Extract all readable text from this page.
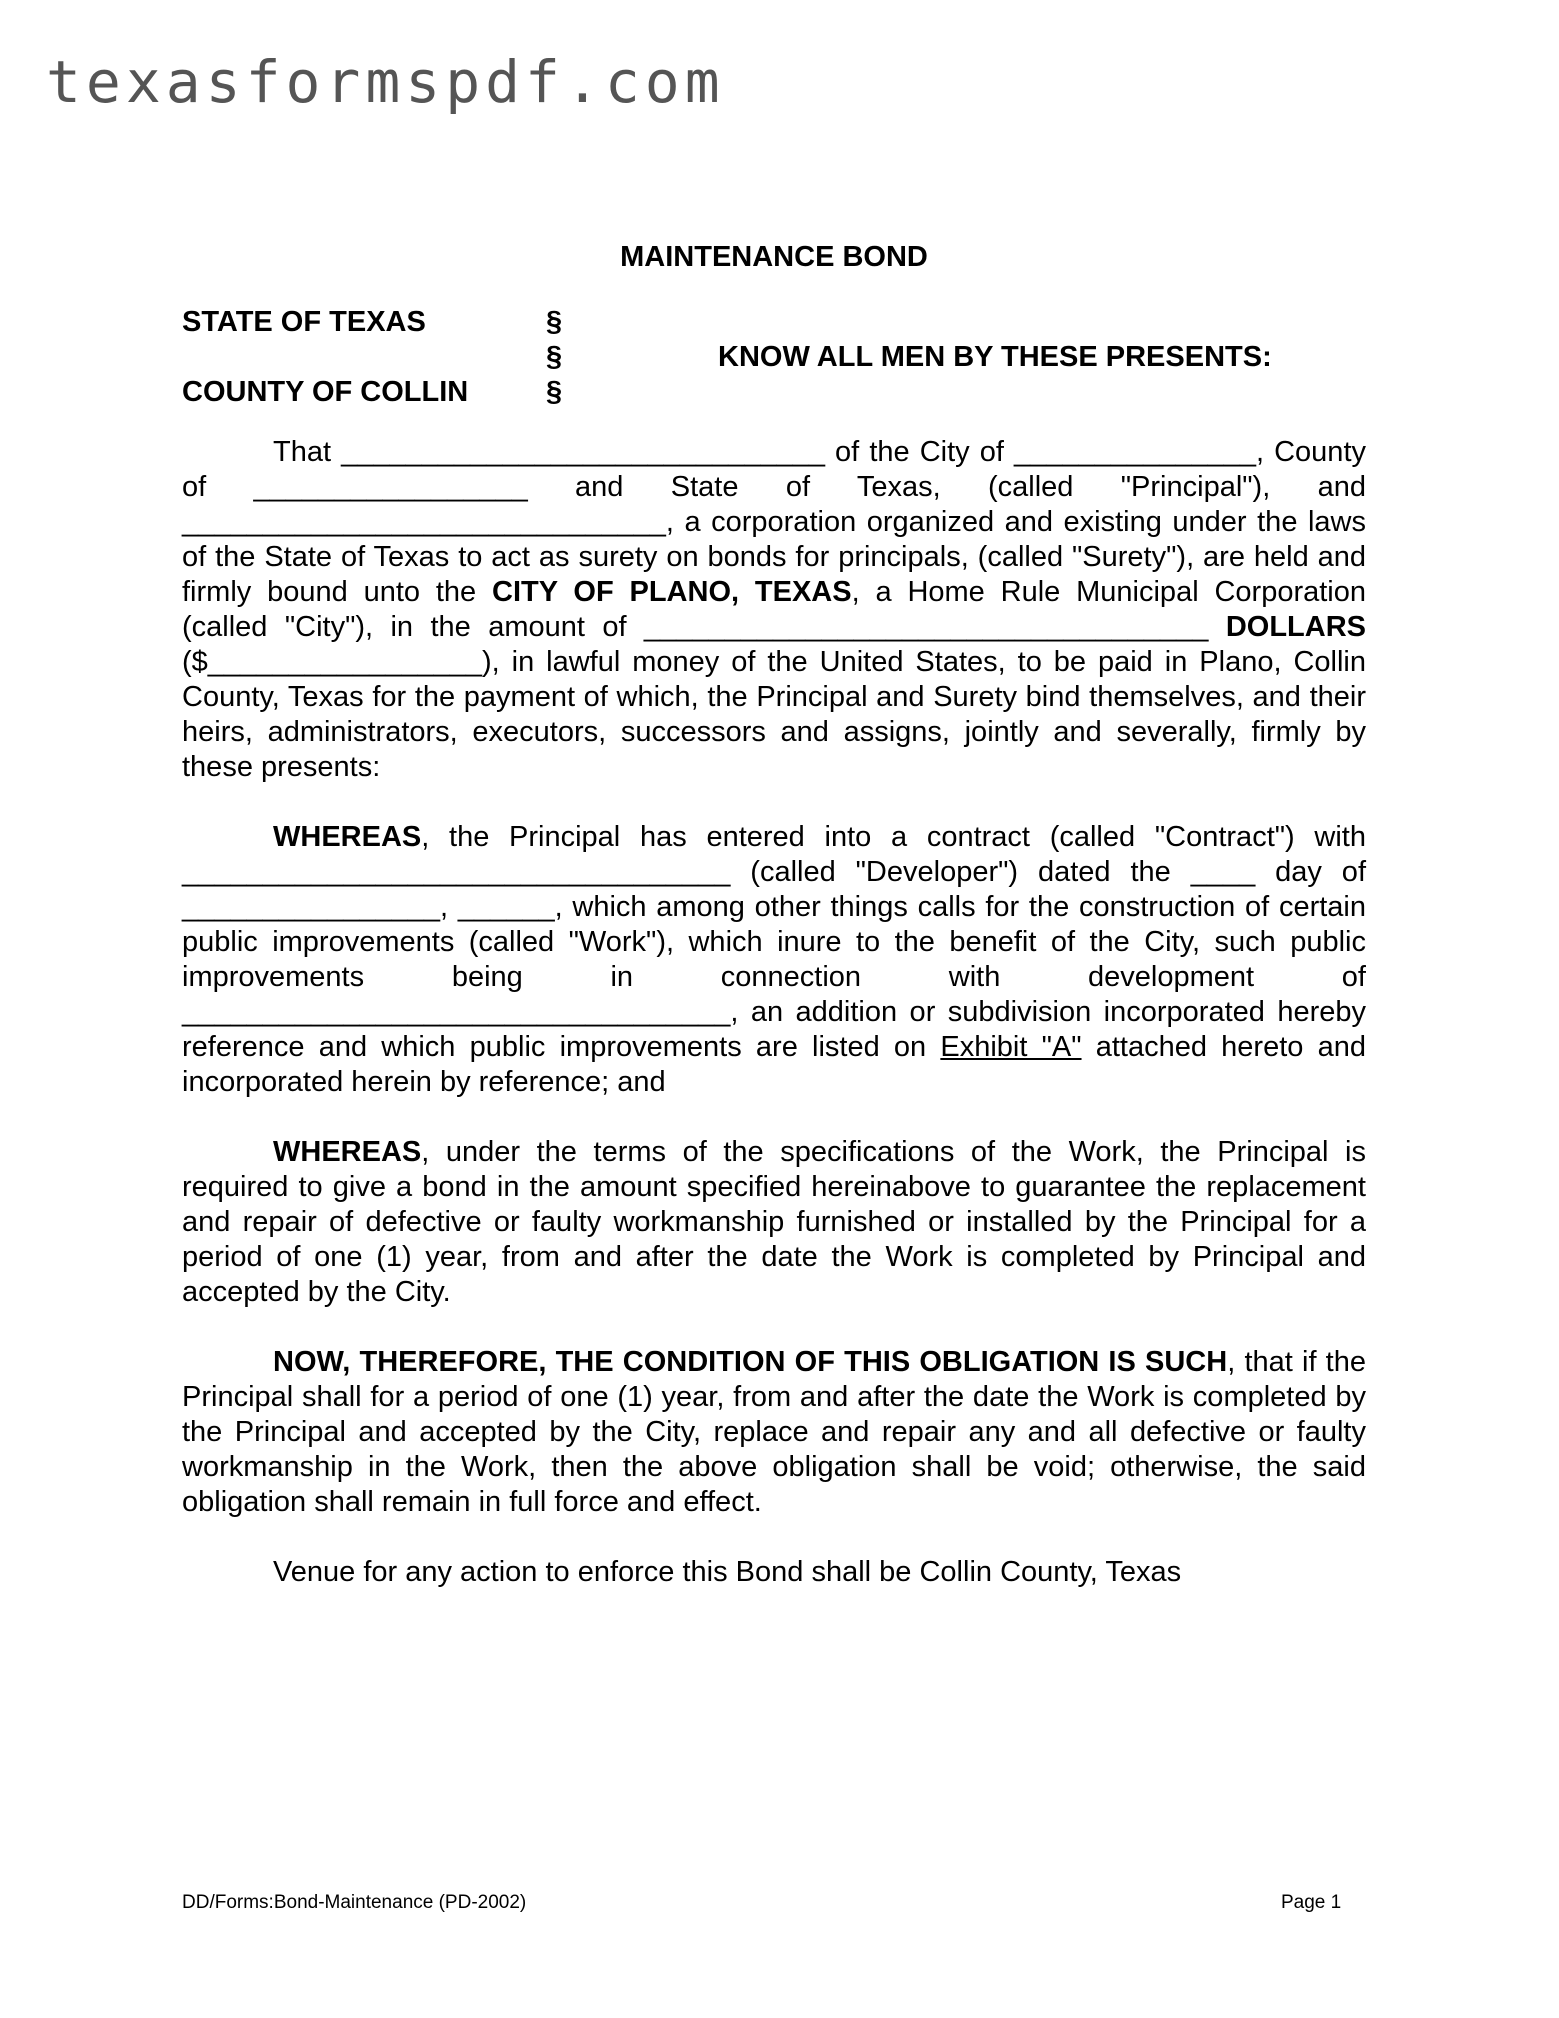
texasformspdf.com
MAINTENANCE BOND
STATE OF TEXAS
COUNTY OF COLLIN
§
§
§
KNOW ALL MEN BY THESE PRESENTS:

That ______________________________ of the City of _______________, County of _________________ and State of Texas, (called "Principal"), and ______________________________, a corporation organized and existing under the laws of the State of Texas to act as surety on bonds for principals, (called "Surety"), are held and firmly bound unto the CITY OF PLANO, TEXAS, a Home Rule Municipal Corporation (called "City"), in the amount of ___________________________________ DOLLARS ($_________________), in lawful money of the United States, to be paid in Plano, Collin County, Texas for the payment of which, the Principal and Surety bind themselves, and their heirs, administrators, executors, successors and assigns, jointly and severally, firmly by these presents:

WHEREAS, the Principal has entered into a contract (called "Contract") with __________________________________ (called "Developer") dated the ____ day of ________________, ______, which among other things calls for the construction of certain public improvements (called "Work"), which inure to the benefit of the City, such public improvements being in connection with development of __________________________________, an addition or subdivision incorporated hereby reference and which public improvements are listed on Exhibit "A" attached hereto and incorporated herein by reference; and

WHEREAS, under the terms of the specifications of the Work, the Principal is required to give a bond in the amount specified hereinabove to guarantee the replacement and repair of defective or faulty workmanship furnished or installed by the Principal for a period of one (1) year, from and after the date the Work is completed by Principal and accepted by the City.

NOW, THEREFORE, THE CONDITION OF THIS OBLIGATION IS SUCH, that if the Principal shall for a period of one (1) year, from and after the date the Work is completed by the Principal and accepted by the City, replace and repair any and all defective or faulty workmanship in the Work, then the above obligation shall be void; otherwise, the said obligation shall remain in full force and effect.

Venue for any action to enforce this Bond shall be Collin County, Texas

DD/Forms:Bond-Maintenance (PD-2002)	Page 1
